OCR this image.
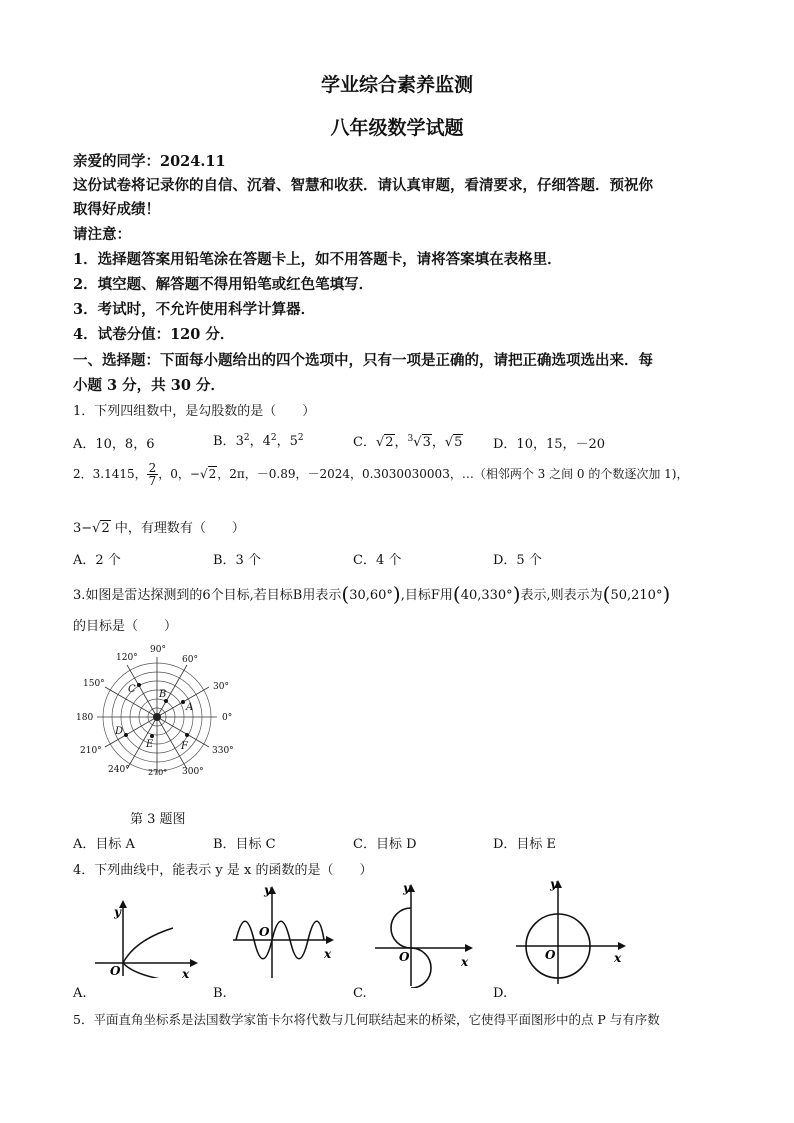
学业综合素养监测
八年级数学试题
亲爱的同学：2024.11
这份试卷将记录你的自信、沉着、智慧和收获．请认真审题，看清要求，仔细答题．预祝你
取得好成绩！
请注意：
1．选择题答案用铅笔涂在答题卡上，如不用答题卡，请将答案填在表格里．
2．填空题、解答题不得用铅笔或红色笔填写．
3．考试时，不允许使用科学计算器．
4．试卷分值：120 分．
一、选择题：下面每小题给出的四个选项中，只有一项是正确的，请把正确选项选出来．每
小题 3 分，共 30 分．
1．下列四组数中，是勾股数的是（　　）
A．10，8，6	B．$3^2$，$4^2$，$5^2$	C．√2，$^3$√3，√5 D．10，15，－20
2．3.1415， $\frac{2}{7}$ ，0，−√2，2π，－0.89，－2024，0.3030030003，…（相邻两个 3 之间 0 的个数逐次加 1)，
3−√2 中，有理数有（　　）
A．2 个	B．3 个	C．4 个	D．5 个
3.如图是雷达探测到的6个目标,若目标B用表示(30,60°),目标F用(40,330°)表示,则表示为(50,210°)
的目标是（　　）
0°
30°
60°
90°
120°
150°
180
210°
240° 270° 300°
330°
A
B
C
D
E	F
第 3 题图
A．目标 A	B．目标 C	C．目标 D	D．目标 E
4．下列曲线中，能表示 y 是 x 的函数的是（　　）
y
x
O
A.
y
x
O
B.
y
x
O
C.
y
x
O
D.
5．平面直角坐标系是法国数学家笛卡尔将代数与几何联结起来的桥梁，它使得平面图形中的点 P 与有序数
